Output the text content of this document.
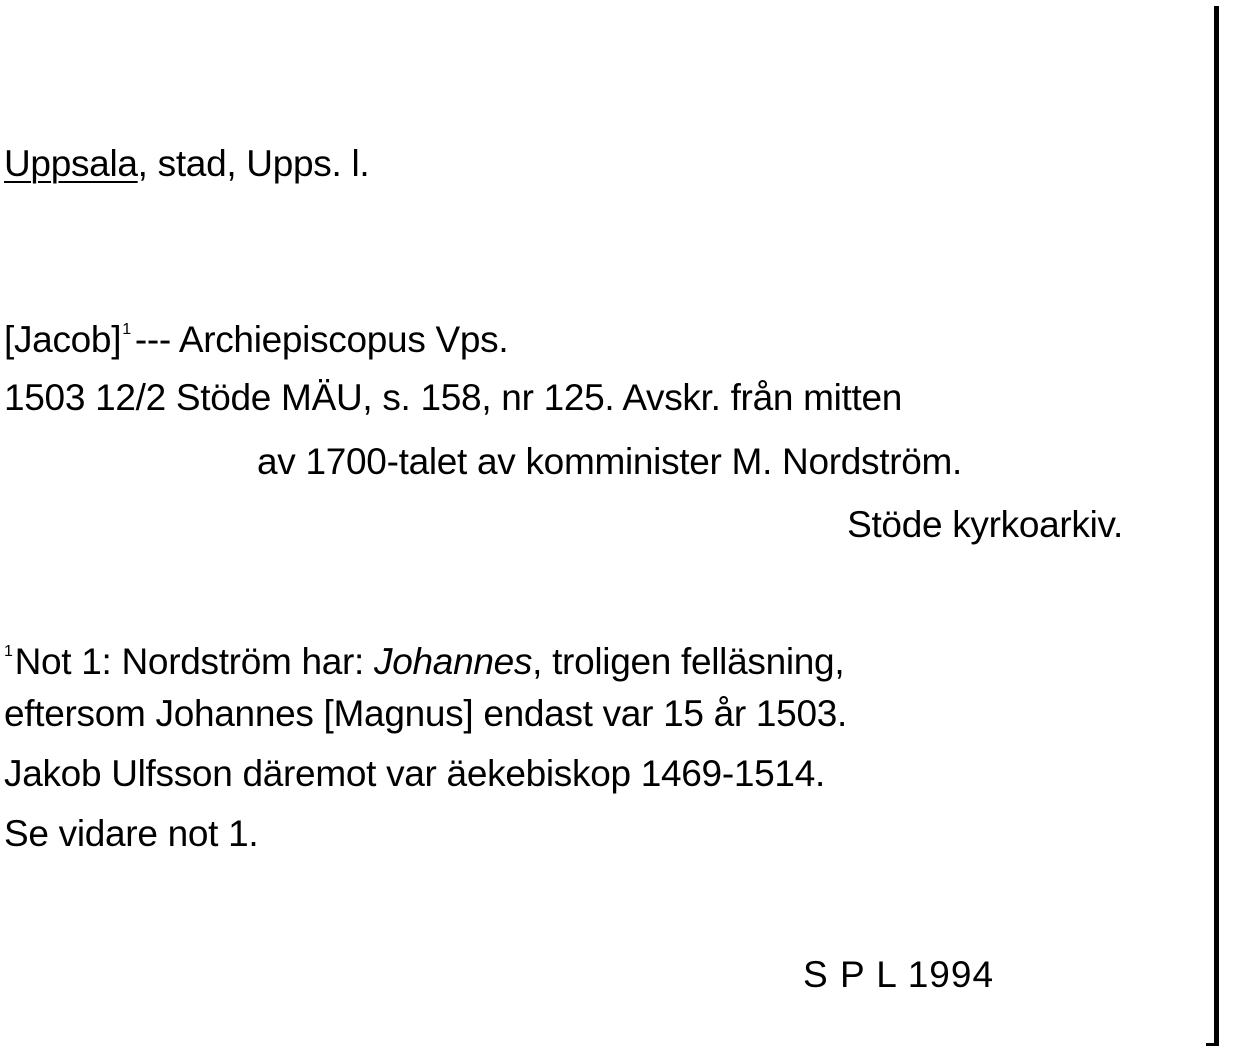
Uppsala, stad, Upps. l.
[Jacob]$^1$ --- Archiepiscopus Vps.
1503 12/2 Stöde MÄU, s. 158, nr 125. Avskr. från mitten
av 1700-talet av komminister M. Nordström.
Stöde kyrkoarkiv.
$^1$Not 1: Nordström har: Johannes, troligen felläsning,
eftersom Johannes [Magnus] endast var 15 år 1503.
Jakob Ulfsson däremot var äekebiskop 1469-1514.
Se vidare not 1.
S P L 1994
